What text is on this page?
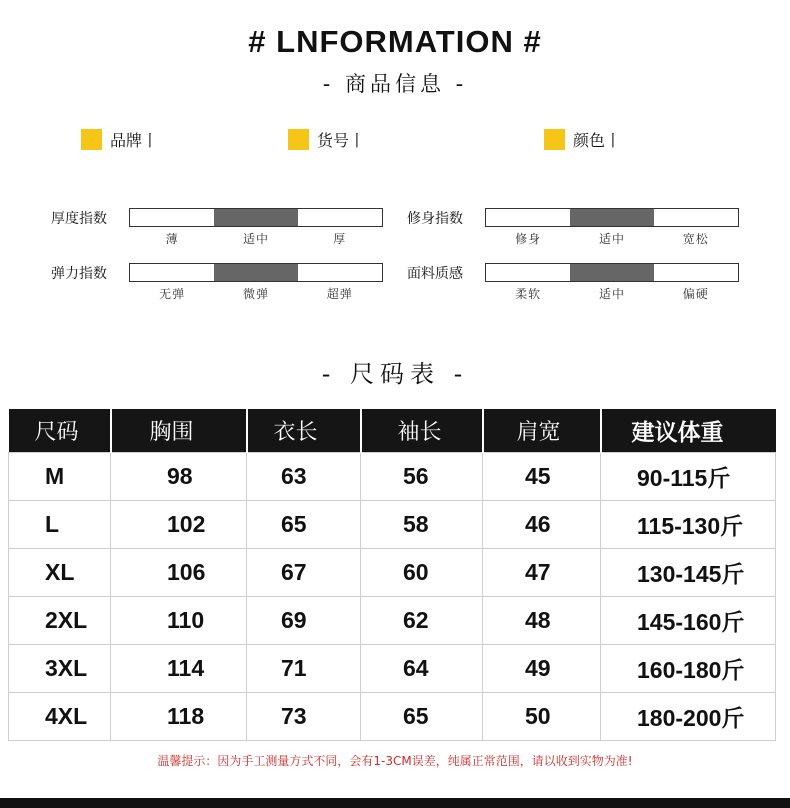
# LNFORMATION #
- 商品信息 -
品牌丨	货号丨	颜色丨
厚度指数
薄	适中	厚
修身指数
修身	适中	宽松
弹力指数
无弹	微弹	超弹
面料质感
柔软	适中	偏硬
- 尺码表 -
尺码	胸围	衣长	袖长	肩宽	建议体重
M	98	63	56	45	90-115斤
L	102	65	58	46	115-130斤
XL	106	67	60	47	130-145斤
2XL	110	69	62	48	145-160斤
3XL	114	71	64	49	160-180斤
4XL	118	73	65	50	180-200斤
温馨提示：因为手工测量方式不同，会有1-3CM误差，纯属正常范围，请以收到实物为准!
